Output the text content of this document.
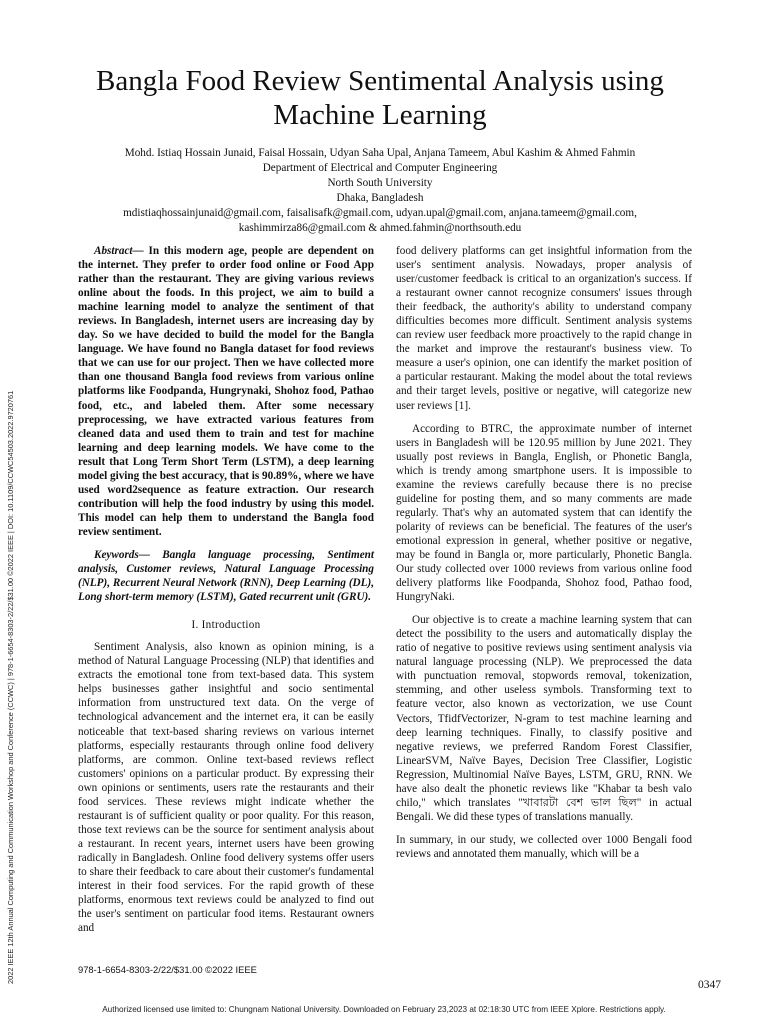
2022 IEEE 12th Annual Computing and Communication Workshop and Conference (CCWC) | 978-1-6654-8303-2/22/$31.00 ©2022 IEEE | DOI: 10.1109/CCWC54503.2022.9720761
Bangla Food Review Sentimental Analysis using
Machine Learning
Mohd. Istiaq Hossain Junaid, Faisal Hossain, Udyan Saha Upal, Anjana Tameem, Abul Kashim & Ahmed Fahmin
Department of Electrical and Computer Engineering
North South University
Dhaka, Bangladesh
mdistiaqhossainjunaid@gmail.com, faisalisafk@gmail.com, udyan.upal@gmail.com, anjana.tameem@gmail.com,
kashimmirza86@gmail.com & ahmed.fahmin@northsouth.edu

Abstract— In this modern age, people are dependent on the internet. They prefer to order food online or Food App rather than the restaurant. They are giving various reviews online about the foods. In this project, we aim to build a machine learning model to analyze the sentiment of that reviews. In Bangladesh, internet users are increasing day by day. So we have decided to build the model for the Bangla language. We have found no Bangla dataset for food reviews that we can use for our project. Then we have collected more than one thousand Bangla food reviews from various online platforms like Foodpanda, Hungrynaki, Shohoz food, Pathao food, etc., and labeled them. After some necessary preprocessing, we have extracted various features from cleaned data and used them to train and test for machine learning and deep learning models. We have come to the result that Long Term Short Term (LSTM), a deep learning model giving the best accuracy, that is 90.89%, where we have used word2sequence as feature extraction. Our research contribution will help the food industry by using this model. This model can help them to understand the Bangla food review sentiment.

Keywords— Bangla language processing, Sentiment analysis, Customer reviews, Natural Language Processing (NLP), Recurrent Neural Network (RNN), Deep Learning (DL), Long short-term memory (LSTM), Gated recurrent unit (GRU).

I. Introduction

Sentiment Analysis, also known as opinion mining, is a method of Natural Language Processing (NLP) that identifies and extracts the emotional tone from text-based data. This system helps businesses gather insightful and socio sentimental information from unstructured text data. On the verge of technological advancement and the internet era, it can be easily noticeable that text-based sharing reviews on various internet platforms, especially restaurants through online food delivery platforms, are common. Online text-based reviews reflect customers' opinions on a particular product. By expressing their own opinions or sentiments, users rate the restaurants and their food services. These reviews might indicate whether the restaurant is of sufficient quality or poor quality. For this reason, those text reviews can be the source for sentiment analysis about a restaurant. In recent years, internet users have been growing radically in Bangladesh. Online food delivery systems offer users to share their feedback to care about their customer's fundamental interest in their food services. For the rapid growth of these platforms, enormous text reviews could be analyzed to find out the user's sentiment on particular food items. Restaurant owners and

food delivery platforms can get insightful information from the user's sentiment analysis. Nowadays, proper analysis of user/customer feedback is critical to an organization's success. If a restaurant owner cannot recognize consumers' issues through their feedback, the authority's ability to understand company difficulties becomes more difficult. Sentiment analysis systems can review user feedback more proactively to the rapid change in the market and improve the restaurant's business view. To measure a user's opinion, one can identify the market position of a particular restaurant. Making the model about the total reviews and their target levels, positive or negative, will categorize new user reviews [1].

According to BTRC, the approximate number of internet users in Bangladesh will be 120.95 million by June 2021. They usually post reviews in Bangla, English, or Phonetic Bangla, which is trendy among smartphone users. It is impossible to examine the reviews carefully because there is no precise guideline for posting them, and so many comments are made regularly. That's why an automated system that can identify the polarity of reviews can be beneficial. The features of the user's emotional expression in general, whether positive or negative, may be found in Bangla or, more particularly, Phonetic Bangla. Our study collected over 1000 reviews from various online food delivery platforms like Foodpanda, Shohoz food, Pathao food, HungryNaki.

Our objective is to create a machine learning system that can detect the possibility to the users and automatically display the ratio of negative to positive reviews using sentiment analysis via natural language processing (NLP). We preprocessed the data with punctuation removal, stopwords removal, tokenization, stemming, and other useless symbols. Transforming text to feature vector, also known as vectorization, we use Count Vectors, TfidfVectorizer, N-gram to test machine learning and deep learning techniques. Finally, to classify positive and negative reviews, we preferred Random Forest Classifier, LinearSVM, Naïve Bayes, Decision Tree Classifier, Logistic Regression, Multinomial Naïve Bayes, LSTM, GRU, RNN. We have also dealt the phonetic reviews like "Khabar ta besh valo chilo," which translates "খাবারটা বেশ ভাল ছিল" in actual Bengali. We did these types of translations manually.

In summary, in our study, we collected over 1000 Bengali food reviews and annotated them manually, which will be a

978-1-6654-8303-2/22/$31.00 ©2022 IEEE
0347
Authorized licensed use limited to: Chungnam National University. Downloaded on February 23,2023 at 02:18:30 UTC from IEEE Xplore. Restrictions apply.
